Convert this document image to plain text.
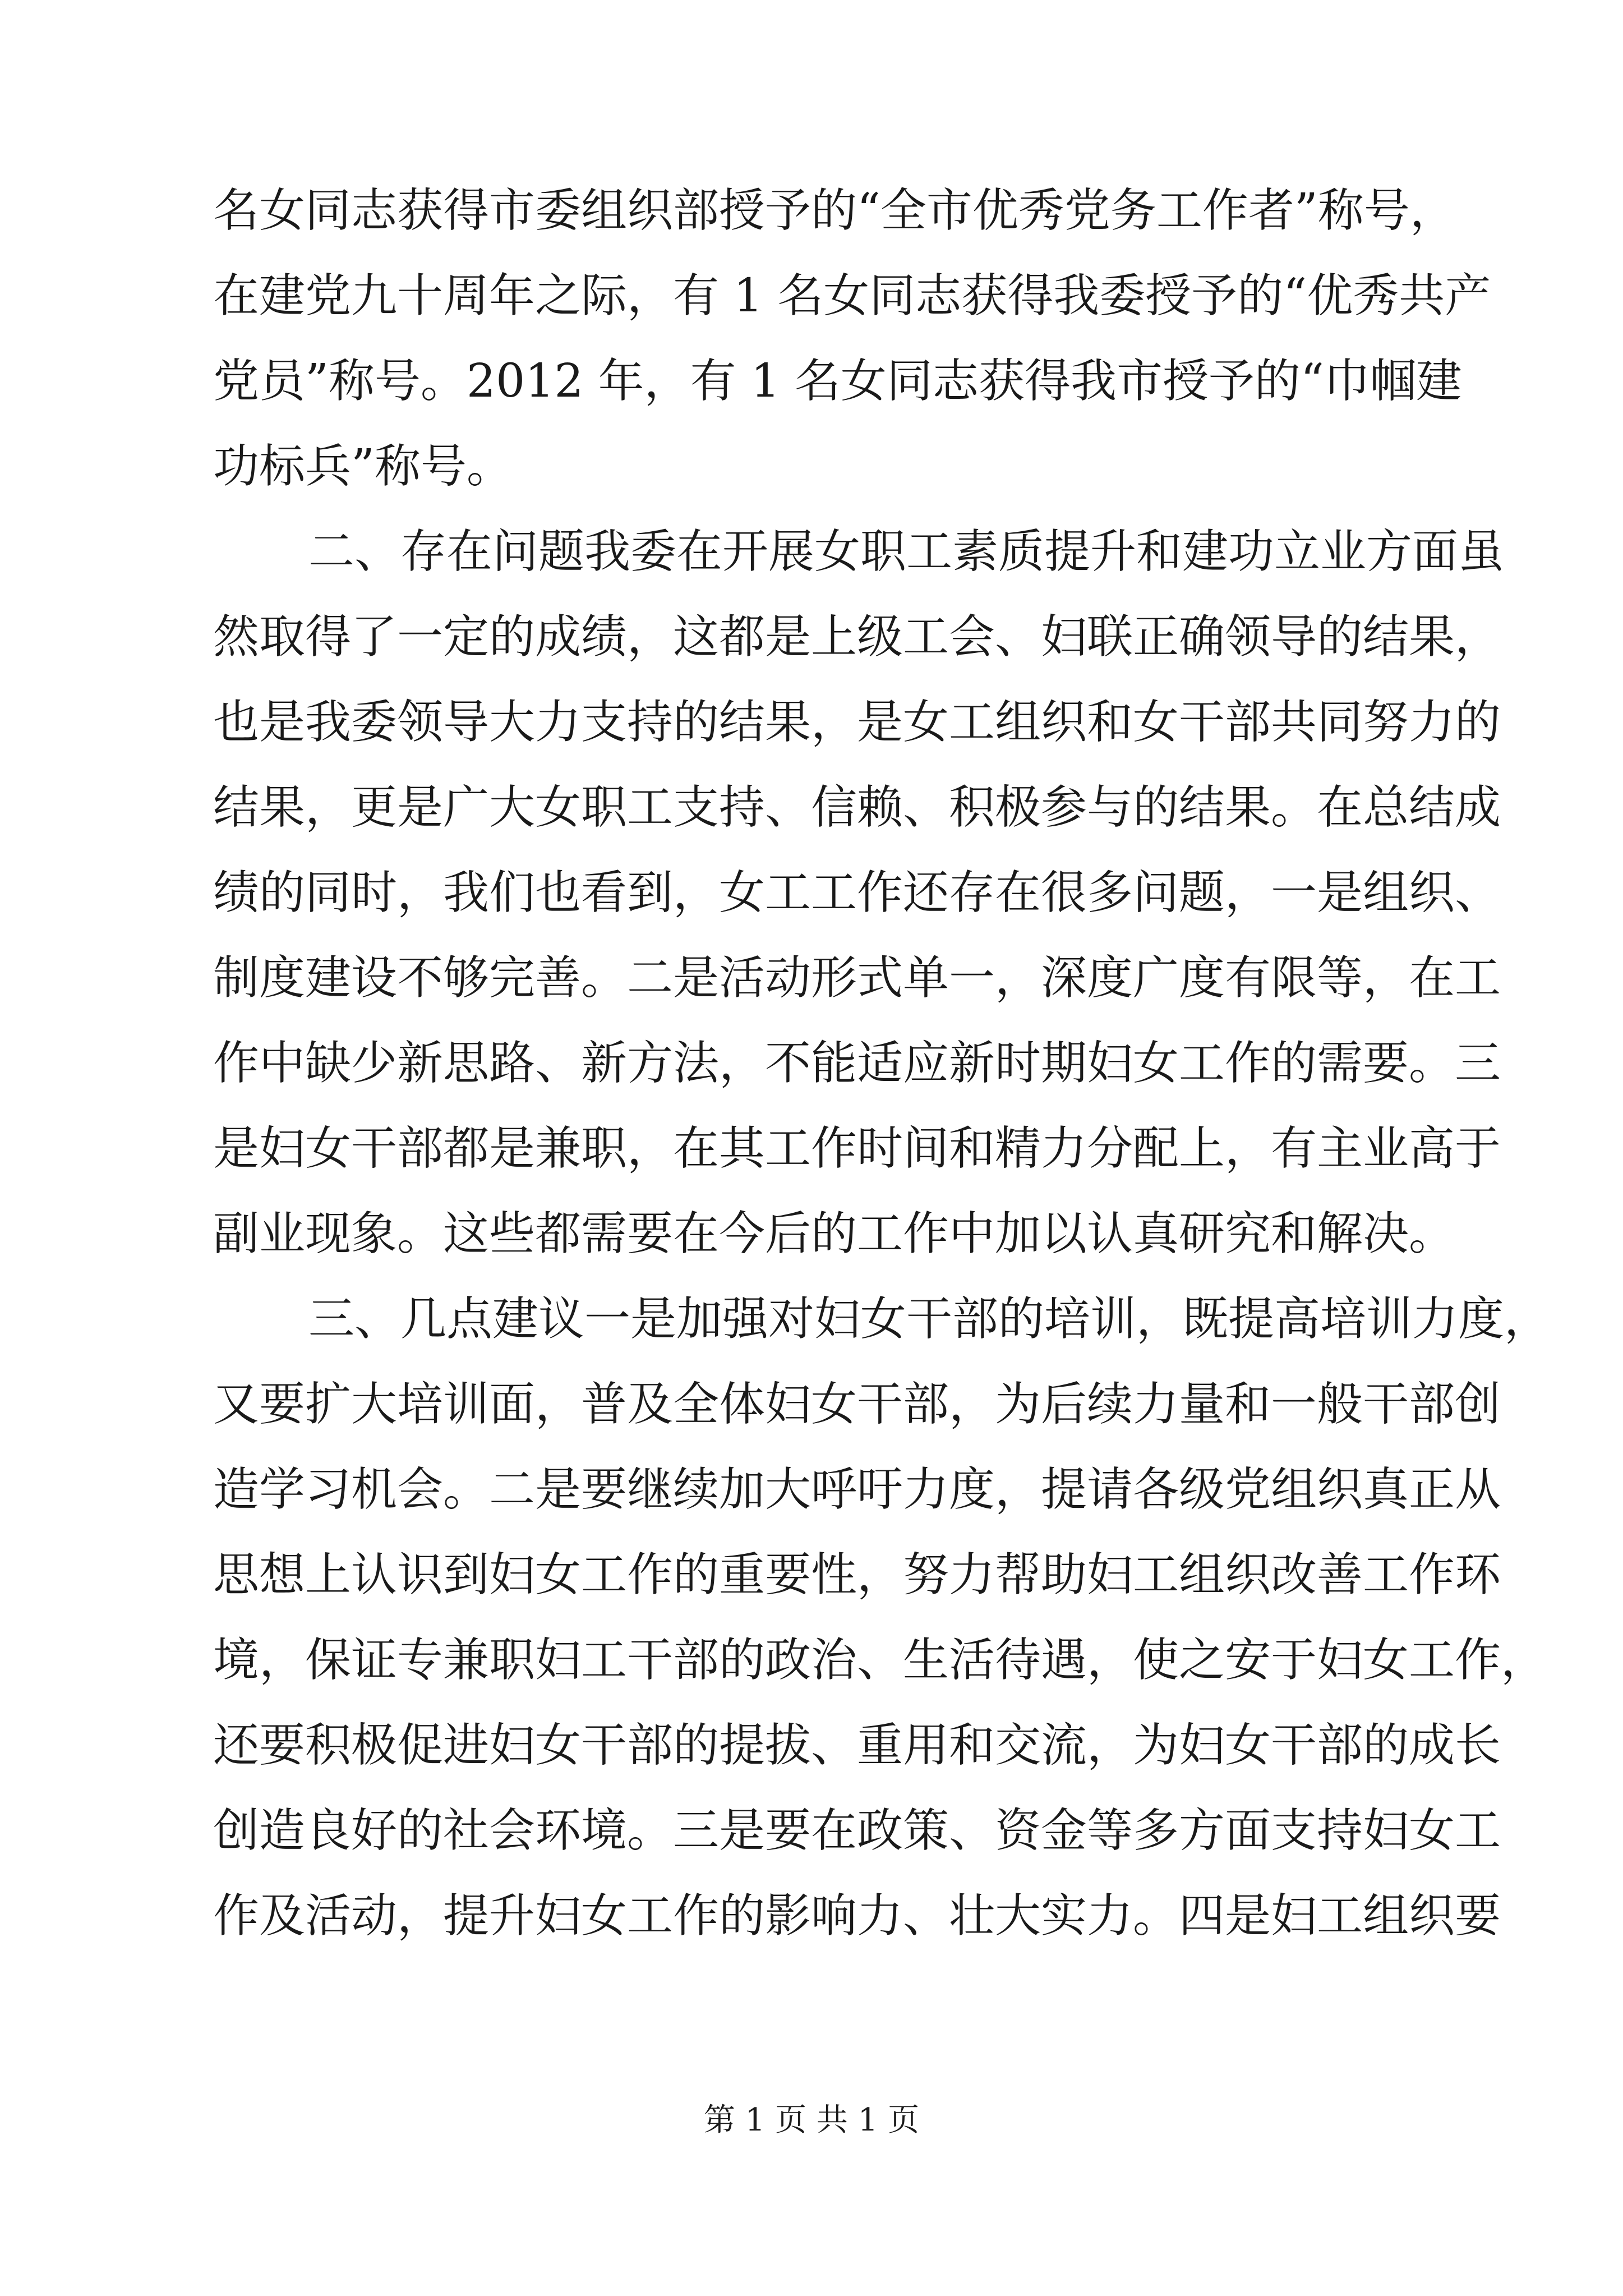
名女同志获得市委组织部授予的“全市优秀党务工作者”称号，
在建党九十周年之际，有 1 名女同志获得我委授予的“优秀共产
党员”称号。2012 年，有 1 名女同志获得我市授予的“巾帼建
功标兵”称号。
二、存在问题我委在开展女职工素质提升和建功立业方面虽
然取得了一定的成绩，这都是上级工会、妇联正确领导的结果，
也是我委领导大力支持的结果，是女工组织和女干部共同努力的
结果，更是广大女职工支持、信赖、积极参与的结果。在总结成
绩的同时，我们也看到，女工工作还存在很多问题，一是组织、
制度建设不够完善。二是活动形式单一，深度广度有限等，在工
作中缺少新思路、新方法，不能适应新时期妇女工作的需要。三
是妇女干部都是兼职，在其工作时间和精力分配上，有主业高于
副业现象。这些都需要在今后的工作中加以认真研究和解决。
三、几点建议一是加强对妇女干部的培训，既提高培训力度，
又要扩大培训面，普及全体妇女干部，为后续力量和一般干部创
造学习机会。二是要继续加大呼吁力度，提请各级党组织真正从
思想上认识到妇女工作的重要性，努力帮助妇工组织改善工作环
境，保证专兼职妇工干部的政治、生活待遇，使之安于妇女工作，
还要积极促进妇女干部的提拔、重用和交流，为妇女干部的成长
创造良好的社会环境。三是要在政策、资金等多方面支持妇女工
作及活动，提升妇女工作的影响力、壮大实力。四是妇工组织要
第 1 页 共 1 页
